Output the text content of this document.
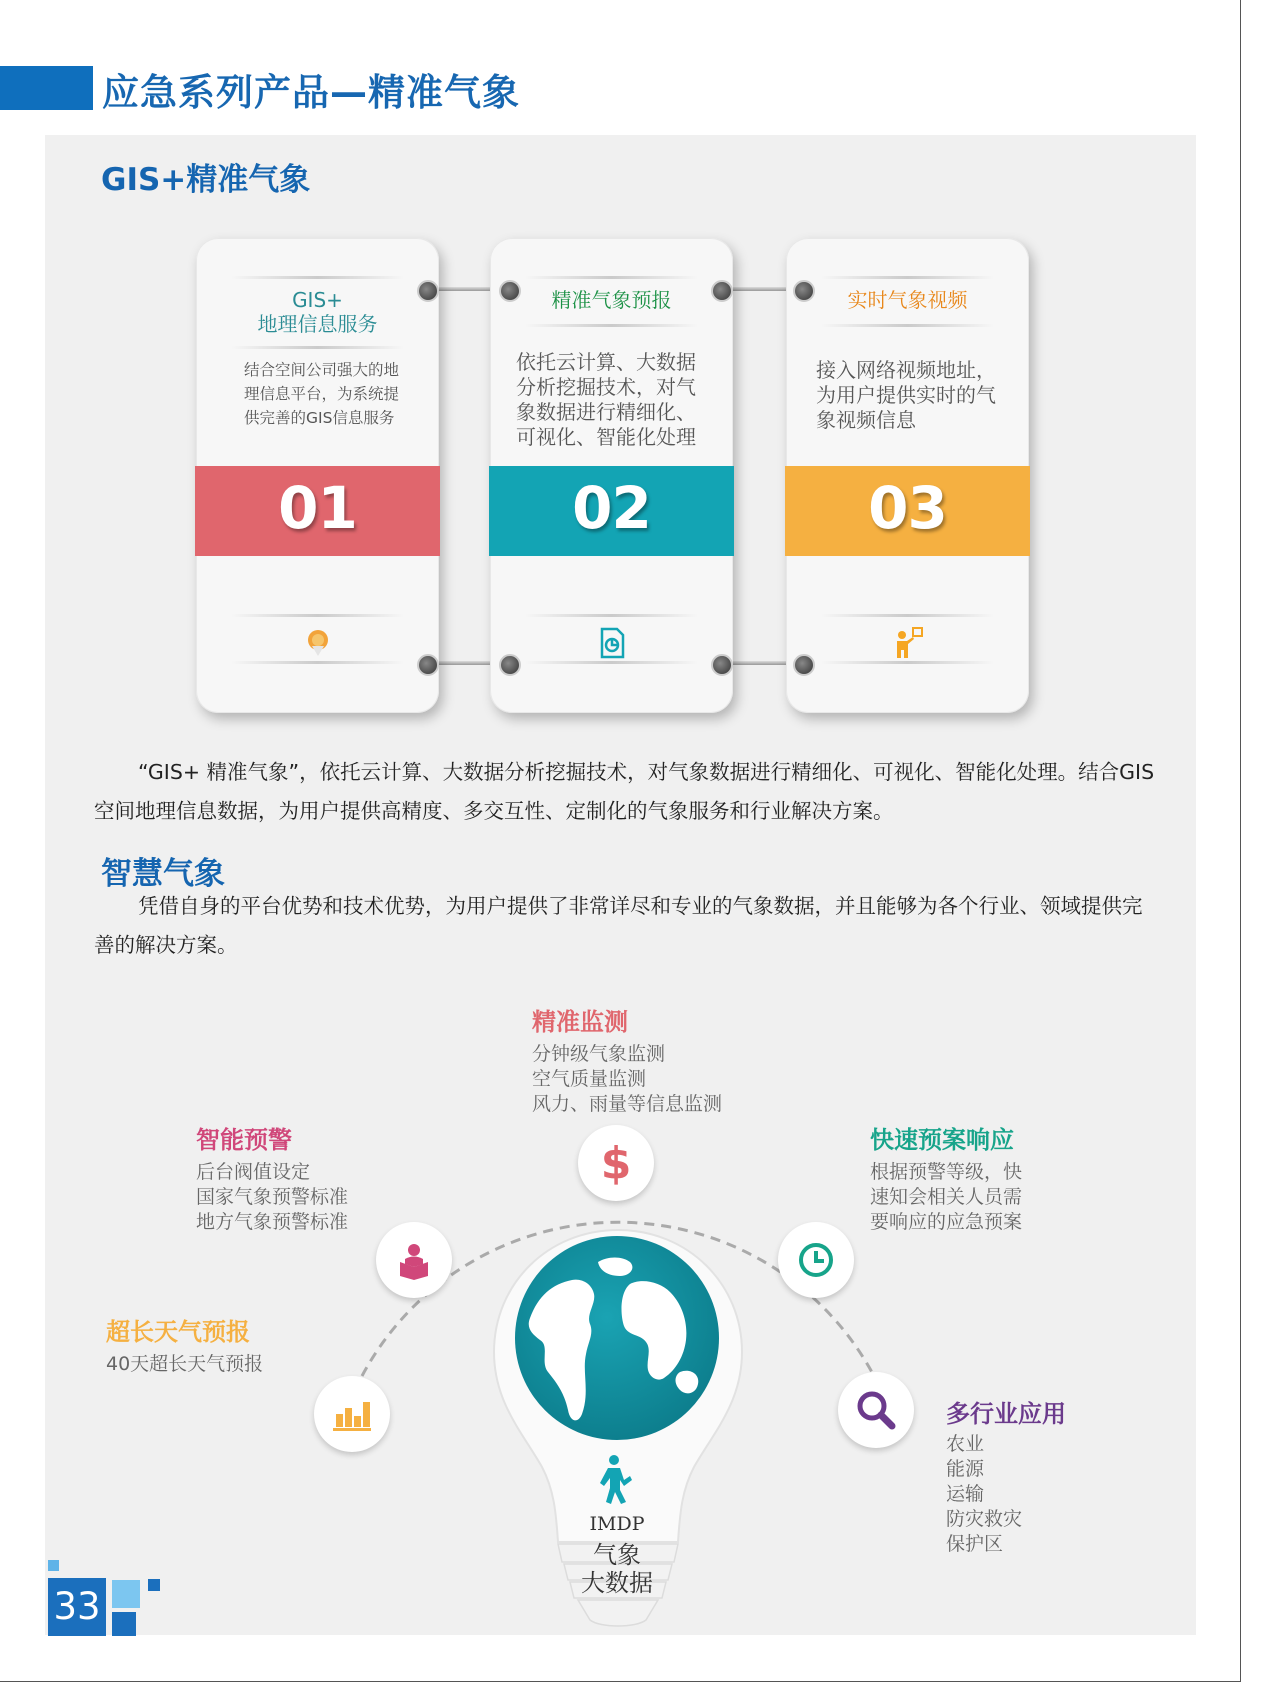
应急系列产品—精准气象
GIS+精准气象
GIS+
地理信息服务
结合空间公司强大的地理信息平台，为系统提供完善的GIS信息服务
01
精准气象预报
依托云计算、大数据分析挖掘技术，对气象数据进行精细化、可视化、智能化处理
02
实时气象视频
接入网络视频地址，为用户提供实时的气象视频信息
03
“GIS+ 精准气象”，依托云计算、大数据分析挖掘技术，对气象数据进行精细化、可视化、智能化处理。结合GIS空间地理信息数据，为用户提供高精度、多交互性、定制化的气象服务和行业解决方案。
智慧气象
凭借自身的平台优势和技术优势，为用户提供了非常详尽和专业的气象数据，并且能够为各个行业、领域提供完善的解决方案。
精准监测
分钟级气象监测
空气质量监测
风力、雨量等信息监测
$
智能预警
后台阀值设定
国家气象预警标准
地方气象预警标准
快速预案响应
根据预警等级，快
速知会相关人员需
要响应的应急预案
超长天气预报
40天超长天气预报
多行业应用
农业
能源
运输
防灾救灾
保护区
IMDP
气象
大数据
33
